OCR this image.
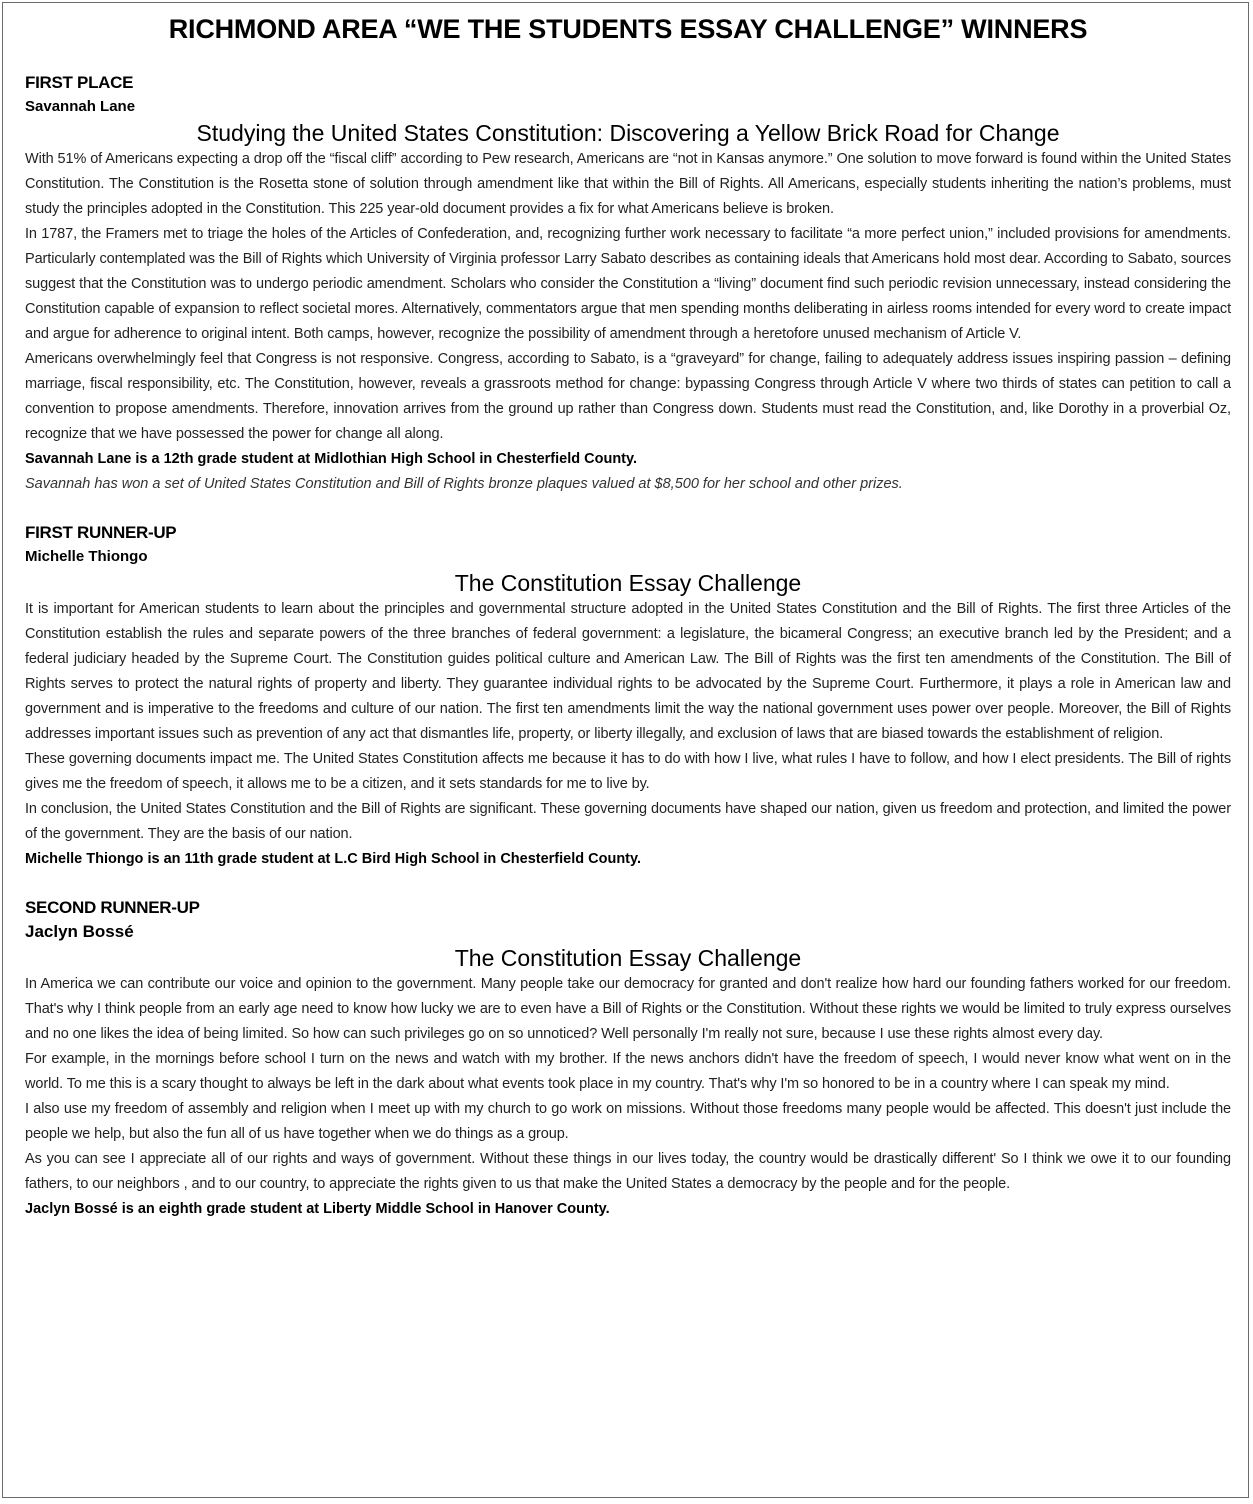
RICHMOND AREA “WE THE STUDENTS ESSAY CHALLENGE” WINNERS
FIRST PLACE
Savannah Lane
Studying the United States Constitution: Discovering a Yellow Brick Road for Change

With 51% of Americans expecting a drop off the “fiscal cliff” according to Pew research, Americans are “not in Kansas anymore.” One solution to move forward is found within the United States Constitution. The Constitution is the Rosetta stone of solution through amendment like that within the Bill of Rights. All Americans, especially students inheriting the nation’s problems, must study the principles adopted in the Constitution. This 225 year-old document provides a fix for what Americans believe is broken.

In 1787, the Framers met to triage the holes of the Articles of Confederation, and, recognizing further work necessary to facilitate “a more perfect union,” included provisions for amendments. Particularly contemplated was the Bill of Rights which University of Virginia professor Larry Sabato describes as containing ideals that Americans hold most dear. According to Sabato, sources suggest that the Constitution was to undergo periodic amendment. Scholars who consider the Constitution a “living” document find such periodic revision unnecessary, instead considering the Constitution capable of expansion to reflect societal mores. Alternatively, commentators argue that men spending months deliberating in airless rooms intended for every word to create impact and argue for adherence to original intent. Both camps, however, recognize the possibility of amendment through a heretofore unused mechanism of Article V.

Americans overwhelmingly feel that Congress is not responsive. Congress, according to Sabato, is a “graveyard” for change, failing to adequately address issues inspiring passion – defining marriage, fiscal responsibility, etc. The Constitution, however, reveals a grassroots method for change: bypassing Congress through Article V where two thirds of states can petition to call a convention to propose amendments. Therefore, innovation arrives from the ground up rather than Congress down. Students must read the Constitution, and, like Dorothy in a proverbial Oz, recognize that we have possessed the power for change all along.

Savannah Lane is a 12th grade student at Midlothian High School in Chesterfield County.

Savannah has won a set of United States Constitution and Bill of Rights bronze plaques valued at $8,500 for her school and other prizes.

FIRST RUNNER-UP
Michelle Thiongo
The Constitution Essay Challenge

It is important for American students to learn about the principles and governmental structure adopted in the United States Constitution and the Bill of Rights. The first three Articles of the Constitution establish the rules and separate powers of the three branches of federal government: a legislature, the bicameral Congress; an executive branch led by the President; and a federal judiciary headed by the Supreme Court. The Constitution guides political culture and American Law. The Bill of Rights was the first ten amendments of the Constitution. The Bill of Rights serves to protect the natural rights of property and liberty. They guarantee individual rights to be advocated by the Supreme Court. Furthermore, it plays a role in American law and government and is imperative to the freedoms and culture of our nation. The first ten amendments limit the way the national government uses power over people. Moreover, the Bill of Rights addresses important issues such as prevention of any act that dismantles life, property, or liberty illegally, and exclusion of laws that are biased towards the establishment of religion.

These governing documents impact me. The United States Constitution affects me because it has to do with how I live, what rules I have to follow, and how I elect presidents. The Bill of rights gives me the freedom of speech, it allows me to be a citizen, and it sets standards for me to live by.

In conclusion, the United States Constitution and the Bill of Rights are significant. These governing documents have shaped our nation, given us freedom and protection, and limited the power of the government. They are the basis of our nation.

Michelle Thiongo is an 11th grade student at L.C Bird High School in Chesterfield County.

SECOND RUNNER-UP
Jaclyn Bossé
The Constitution Essay Challenge

In America we can contribute our voice and opinion to the government. Many people take our democracy for granted and don't realize how hard our founding fathers worked for our freedom. That's why I think people from an early age need to know how lucky we are to even have a Bill of Rights or the Constitution. Without these rights we would be limited to truly express ourselves and no one likes the idea of being limited. So how can such privileges go on so unnoticed? Well personally I'm really not sure, because I use these rights almost every day.

For example, in the mornings before school I turn on the news and watch with my brother. If the news anchors didn't have the freedom of speech, I would never know what went on in the world. To me this is a scary thought to always be left in the dark about what events took place in my country. That's why I'm so honored to be in a country where I can speak my mind.

I also use my freedom of assembly and religion when I meet up with my church to go work on missions. Without those freedoms many people would be affected. This doesn't just include the people we help, but also the fun all of us have together when we do things as a group.

As you can see I appreciate all of our rights and ways of government. Without these things in our lives today, the country would be drastically different' So I think we owe it to our founding fathers, to our neighbors , and to our country, to appreciate the rights given to us that make the United States a democracy by the people and for the people.

Jaclyn Bossé is an eighth grade student at Liberty Middle School in Hanover County.
